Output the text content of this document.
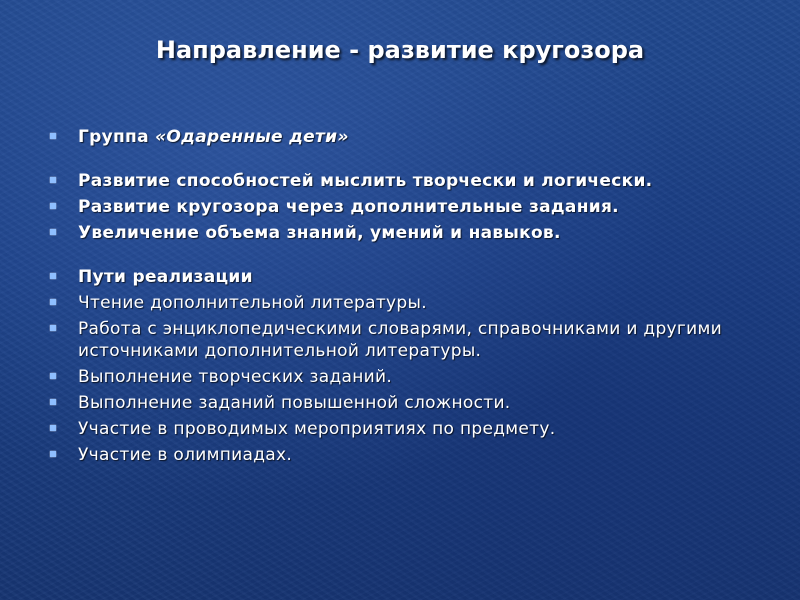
Направление - развитие кругозора
Группа «Одаренные дети»
Развитие способностей мыслить творчески и логически.
Развитие кругозора через дополнительные задания.
Увеличение объема знаний, умений и навыков.
Пути реализации
Чтение дополнительной литературы.
Работа с энциклопедическими словарями, справочниками и другими источниками дополнительной литературы.
Выполнение творческих заданий.
Выполнение заданий повышенной сложности.
Участие в проводимых мероприятиях по предмету.
Участие в олимпиадах.
